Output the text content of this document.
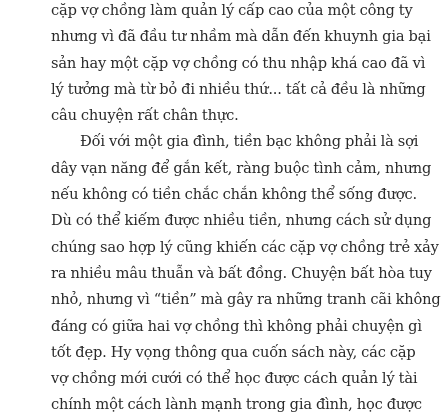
cặp vợ chồng làm quản lý cấp cao của một công ty
nhưng vì đã đầu tư nhầm mà dẫn đến khuynh gia bại
sản hay một cặp vợ chồng có thu nhập khá cao đã vì
lý tưởng mà từ bỏ đi nhiều thứ... tất cả đều là những
câu chuyện rất chân thực.
Đối với một gia đình, tiền bạc không phải là sợi
dây vạn năng để gắn kết, ràng buộc tình cảm, nhưng
nếu không có tiền chắc chắn không thể sống được.
Dù có thể kiếm được nhiều tiền, nhưng cách sử dụng
chúng sao hợp lý cũng khiến các cặp vợ chồng trẻ xảy
ra nhiều mâu thuẫn và bất đồng. Chuyện bất hòa tuy
nhỏ, nhưng vì “tiền” mà gây ra những tranh cãi không
đáng có giữa hai vợ chồng thì không phải chuyện gì
tốt đẹp. Hy vọng thông qua cuốn sách này, các cặp
vợ chồng mới cưới có thể học được cách quản lý tài
chính một cách lành mạnh trong gia đình, học được
